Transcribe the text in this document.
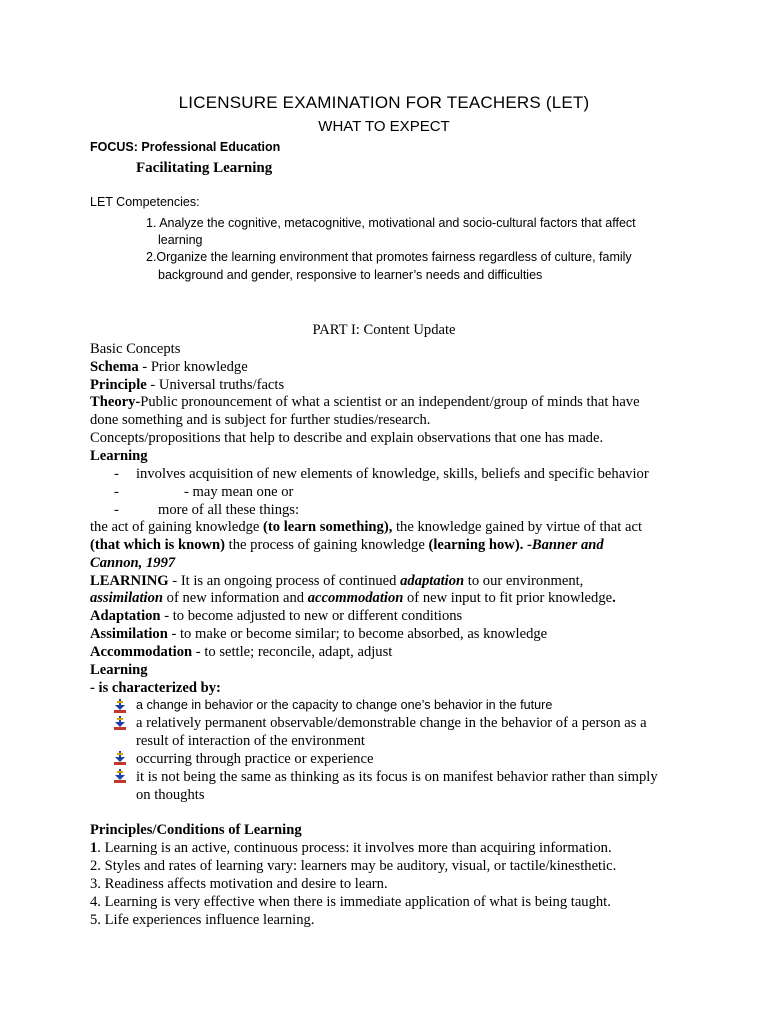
LICENSURE EXAMINATION FOR TEACHERS (LET)
WHAT TO EXPECT
FOCUS: Professional Education
Facilitating Learning
LET Competencies:
1. Analyze the cognitive, metacognitive, motivational and socio-cultural factors that affect
learning
2.Organize the learning environment that promotes fairness regardless of culture, family
background and gender, responsive to learner’s needs and difficulties
PART I: Content Update
Basic Concepts
Schema - Prior knowledge
Principle - Universal truths/facts
Theory-Public pronouncement of what a scientist or an independent/group of minds that have
done something and is subject for further studies/research.
Concepts/propositions that help to describe and explain observations that one has made.
Learning
- involves acquisition of new elements of knowledge, skills, beliefs and specific behavior
-	- may mean one or
-	more of all these things:
the act of gaining knowledge (to learn something), the knowledge gained by virtue of that act
(that which is known) the process of gaining knowledge (learning how). -Banner and
Cannon, 1997
LEARNING - It is an ongoing process of continued adaptation to our environment,
assimilation of new information and accommodation of new input to fit prior knowledge.
Adaptation - to become adjusted to new or different conditions
Assimilation - to make or become similar; to become absorbed, as knowledge
Accommodation - to settle; reconcile, adapt, adjust
Learning
- is characterized by:
a change in behavior or the capacity to change one’s behavior in the future
a relatively permanent observable/demonstrable change in the behavior of a person as a
result of interaction of the environment
occurring through practice or experience
it is not being the same as thinking as its focus is on manifest behavior rather than simply
on thoughts
Principles/Conditions of Learning
1. Learning is an active, continuous process: it involves more than acquiring information.
2. Styles and rates of learning vary: learners may be auditory, visual, or tactile/kinesthetic.
3. Readiness affects motivation and desire to learn.
4. Learning is very effective when there is immediate application of what is being taught.
5. Life experiences influence learning.
